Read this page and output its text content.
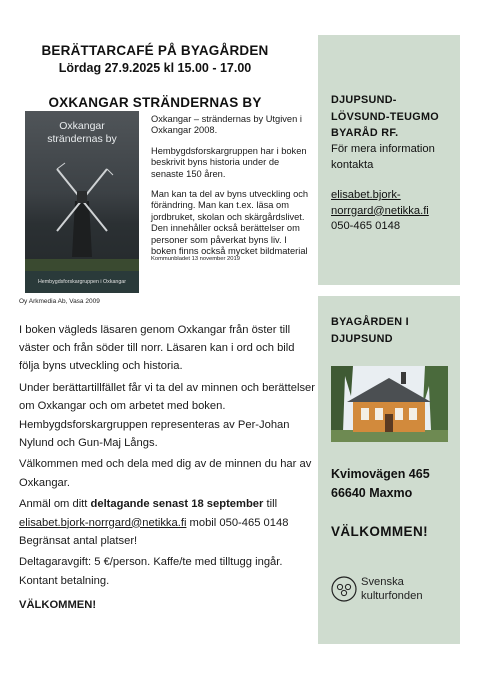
BERÄTTARCAFÉ PÅ BYAGÅRDEN
Lördag 27.9.2025 kl 15.00 - 17.00
OXKANGAR STRÄNDERNAS BY
Oxkangar
strändernas by
Hembygdsforskargruppen i Oxkangar
Oy Arkmedia Ab, Vasa 2009

Oxkangar – strändernas by Utgiven i Oxkangar 2008.

Hembygdsforskargruppen har i boken beskrivit byns historia under de senaste 150 åren.

Man kan ta del av byns utveckling och förändring. Man kan t.ex. läsa om jordbruket, skolan och skärgårdslivet. Den innehåller också berättelser om personer som påverkat byns liv. I boken finns också mycket bildmaterial

Kommunbladet 13 november 2019

I boken vägleds läsaren genom Oxkangar från öster till väster och från söder till norr. Läsaren kan i ord och bild följa byns utveckling och historia.

Under berättartillfället får vi ta del av minnen och berättelser om Oxkangar och om arbetet med boken. Hembygdsforskargruppen representeras av Per-Johan Nylund och Gun-Maj Långs.

Välkommen med och dela med dig av de minnen du har av Oxkangar.

Anmäl om ditt deltagande senast 18 september till
elisabet.bjork-norrgard@netikka.fi mobil 050-465 0148
Begränsat antal platser!

Deltagaravgift: 5 €/person. Kaffe/te med tilltugg ingår.
Kontant betalning.

VÄLKOMMEN!

DJUPSUND-
LÖVSUND-TEUGMO
BYARÅD RF.
För mera information
kontakta
elisabet.bjork-
norrgard@netikka.fi
050-465 0148
BYAGÅRDEN I
DJUPSUND
Kvimovägen 465
66640 Maxmo
VÄLKOMMEN!
Svenska
kulturfonden
